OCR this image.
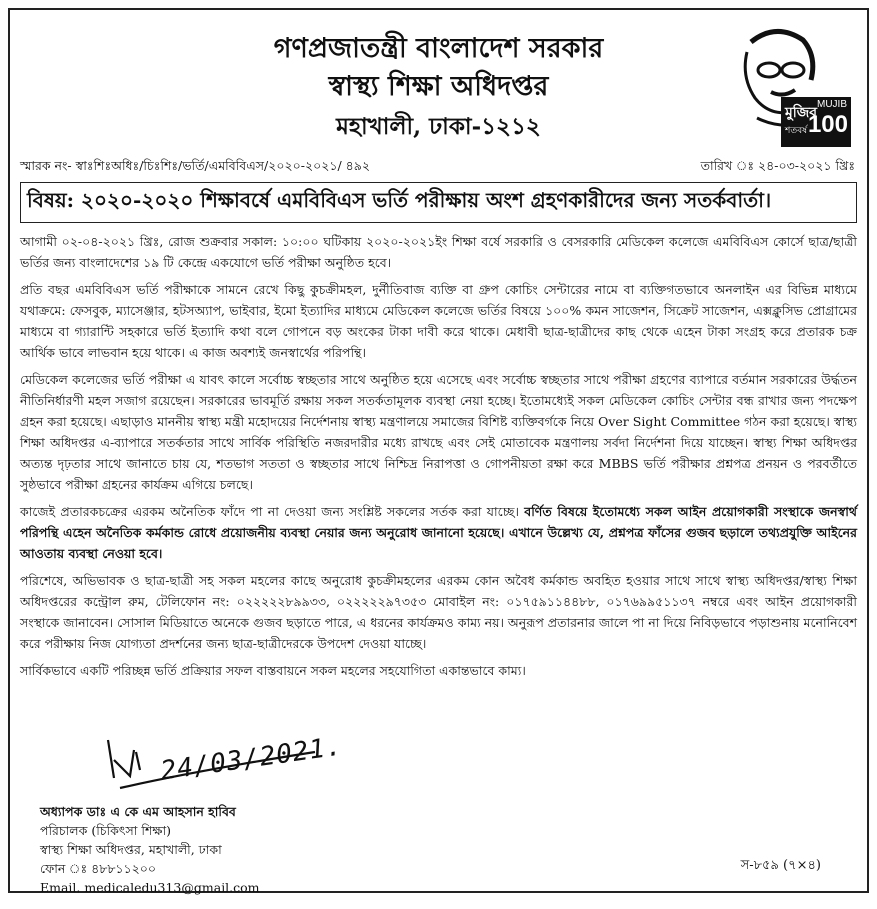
গণপ্রজাতন্ত্রী বাংলাদেশ সরকার
স্বাস্থ্য শিক্ষা অধিদপ্তর
মহাখালী, ঢাকা-১২১২	মুজিব
শতবর্ষ
MUJIB
100
স্মারক নং- স্বাঃশিঃঅধিঃ/চিঃশিঃ/ভর্তি/এমবিবিএস/২০২০-২০২১/ ৪৯২	তারিখ ঃ ২৪-০৩-২০২১ খ্রিঃ
বিষয়: ২০২০-২০২০ শিক্ষাবর্ষে এমবিবিএস ভর্তি পরীক্ষায় অংশ গ্রহণকারীদের জন্য সতর্কবার্তা।

আগামী ০২-০৪-২০২১ খ্রিঃ, রোজ শুক্রবার সকাল: ১০:০০ ঘটিকায় ২০২০-২০২১ইং শিক্ষা বর্ষে সরকারি ও বেসরকারি মেডিকেল কলেজে এমবিবিএস কোর্সে ছাত্র/ছাত্রী ভর্তির জন্য বাংলাদেশের ১৯ টি কেন্দ্রে একযোগে ভর্তি পরীক্ষা অনুষ্ঠিত হবে।

প্রতি বছর এমবিবিএস ভর্তি পরীক্ষাকে সামনে রেখে কিছু কুচক্রীমহল, দুর্নীতিবাজ ব্যক্তি বা গ্রুপ কোচিং সেন্টারের নামে বা ব্যক্তিগতভাবে অনলাইন এর বিভিন্ন মাধ্যমে যথাক্রমে: ফেসবুক, ম্যাসেঞ্জার, হটসঅ্যাপ, ভাইবার, ইমো ইত্যাদির মাধ্যমে মেডিকেল কলেজে ভর্তির বিষয়ে ১০০% কমন সাজেশন, সিক্রেট সাজেশন, এক্সক্লুসিভ প্রোগ্রামের মাধ্যমে বা গ্যারান্টি সহকারে ভর্তি ইত্যাদি কথা বলে গোপনে বড় অংকের টাকা দাবী করে থাকে। মেধাবী ছাত্র-ছাত্রীদের কাছ থেকে এহেন টাকা সংগ্রহ করে প্রতারক চক্র আর্থিক ভাবে লাভবান হয়ে থাকে। এ কাজ অবশ্যই জনস্বার্থের পরিপন্থি।

মেডিকেল কলেজের ভর্তি পরীক্ষা এ যাবৎ কালে সর্বোচ্চ স্বচ্ছতার সাথে অনুষ্ঠিত হয়ে এসেছে এবং সর্বোচ্চ স্বচ্ছতার সাথে পরীক্ষা গ্রহণের ব্যাপারে বর্তমান সরকারের উর্দ্ধতন নীতিনির্ধারণী মহল সজাগ রয়েছেন। সরকারের ভাবমূর্তি রক্ষায় সকল সতর্কতামূলক ব্যবস্থা নেয়া হচ্ছে। ইতোমধ্যেই সকল মেডিকেল কোচিং সেন্টার বন্ধ রাখার জন্য পদক্ষেপ গ্রহন করা হয়েছে। এছাড়াও মাননীয় স্বাস্থ্য মন্ত্রী মহোদয়ের নির্দেশনায় স্বাস্থ্য মন্ত্রণালয়ে সমাজের বিশিষ্ট ব্যক্তিবর্গকে নিয়ে Over Sight Committee গঠন করা হয়েছে। স্বাস্থ্য শিক্ষা অধিদপ্তর এ-ব্যাপারে সতর্কতার সাথে সার্বিক পরিস্থিতি নজরদারীর মধ্যে রাখছে এবং সেই মোতাবেক মন্ত্রণালয় সর্বদা নির্দেশনা দিয়ে যাচ্ছেন। স্বাস্থ্য শিক্ষা অধিদপ্তর অত্যন্ত দৃঢ়তার সাথে জানাতে চায় যে, শতভাগ সততা ও স্বচ্ছতার সাথে নিশ্চিদ্র নিরাপত্তা ও গোপনীয়তা রক্ষা করে MBBS ভর্তি পরীক্ষার প্রশ্নপত্র প্রনয়ন ও পরবর্তীতে সুষ্ঠভাবে পরীক্ষা গ্রহনের কার্যক্রম এগিয়ে চলছে।

কাজেই প্রতারকচক্রের এরকম অনৈতিক ফাঁদে পা না দেওয়া জন্য সংশ্লিষ্ট সকলের সর্তক করা যাচ্ছে। বর্ণিত বিষয়ে ইতোমধ্যে সকল আইন প্রয়োগকারী সংস্থাকে জনস্বার্থ পরিপন্থি এহেন অনৈতিক কর্মকান্ড রোধে প্রয়োজনীয় ব্যবস্থা নেয়ার জন্য অনুরোধ জানানো হয়েছে। এখানে উল্লেখ্য যে, প্রশ্নপত্র ফাঁসের গুজব ছড়ালে তথ্যপ্রযুক্তি আইনের আওতায় ব্যবস্থা নেওয়া হবে।

পরিশেষে, অভিভাবক ও ছাত্র-ছাত্রী সহ সকল মহলের কাছে অনুরোধ কুচক্রীমহলের এরকম কোন অবৈধ কর্মকান্ড অবহিত হওয়ার সাথে সাথে স্বাস্থ্য অধিদপ্তর/স্বাস্থ্য শিক্ষা অধিদপ্তরের কন্ট্রোল রুম, টেলিফোন নং: ০২২২২২৮৯৯৩৩, ০২২২২২৯৭৩৫৩ মোবাইল নং: ০১৭৫৯১১৪৪৮৮, ০১৭৬৯৯৫১১৩৭ নম্বরে এবং আইন প্রয়োগকারী সংস্থাকে জানাবেন। সোসাল মিডিয়াতে অনেকে গুজব ছড়াতে পারে, এ ধরনের কার্যক্রমও কাম্য নয়। অনুরূপ প্রতারনার জালে পা না দিয়ে নিবিড়ভাবে পড়াশুনায় মনোনিবেশ করে পরীক্ষায় নিজ যোগ্যতা প্রদর্শনের জন্য ছাত্র-ছাত্রীদেরকে উপদেশ দেওয়া যাচ্ছে।

সার্বিকভাবে একটি পরিচ্ছন্ন ভর্তি প্রক্রিয়ার সফল বাস্তবায়নে সকল মহলের সহযোগিতা একান্তভাবে কাম্য।

24/03/2021.
অধ্যাপক ডাঃ এ কে এম আহসান হাবিব
পরিচালক (চিকিৎসা শিক্ষা)
স্বাস্থ্য শিক্ষা অধিদপ্তর, মহাখালী, ঢাকা
ফোন ঃ ৪৮৮১১২০০
Email. medicaledu313@gmail.com
স-৮৫৯ (৭×৪)
